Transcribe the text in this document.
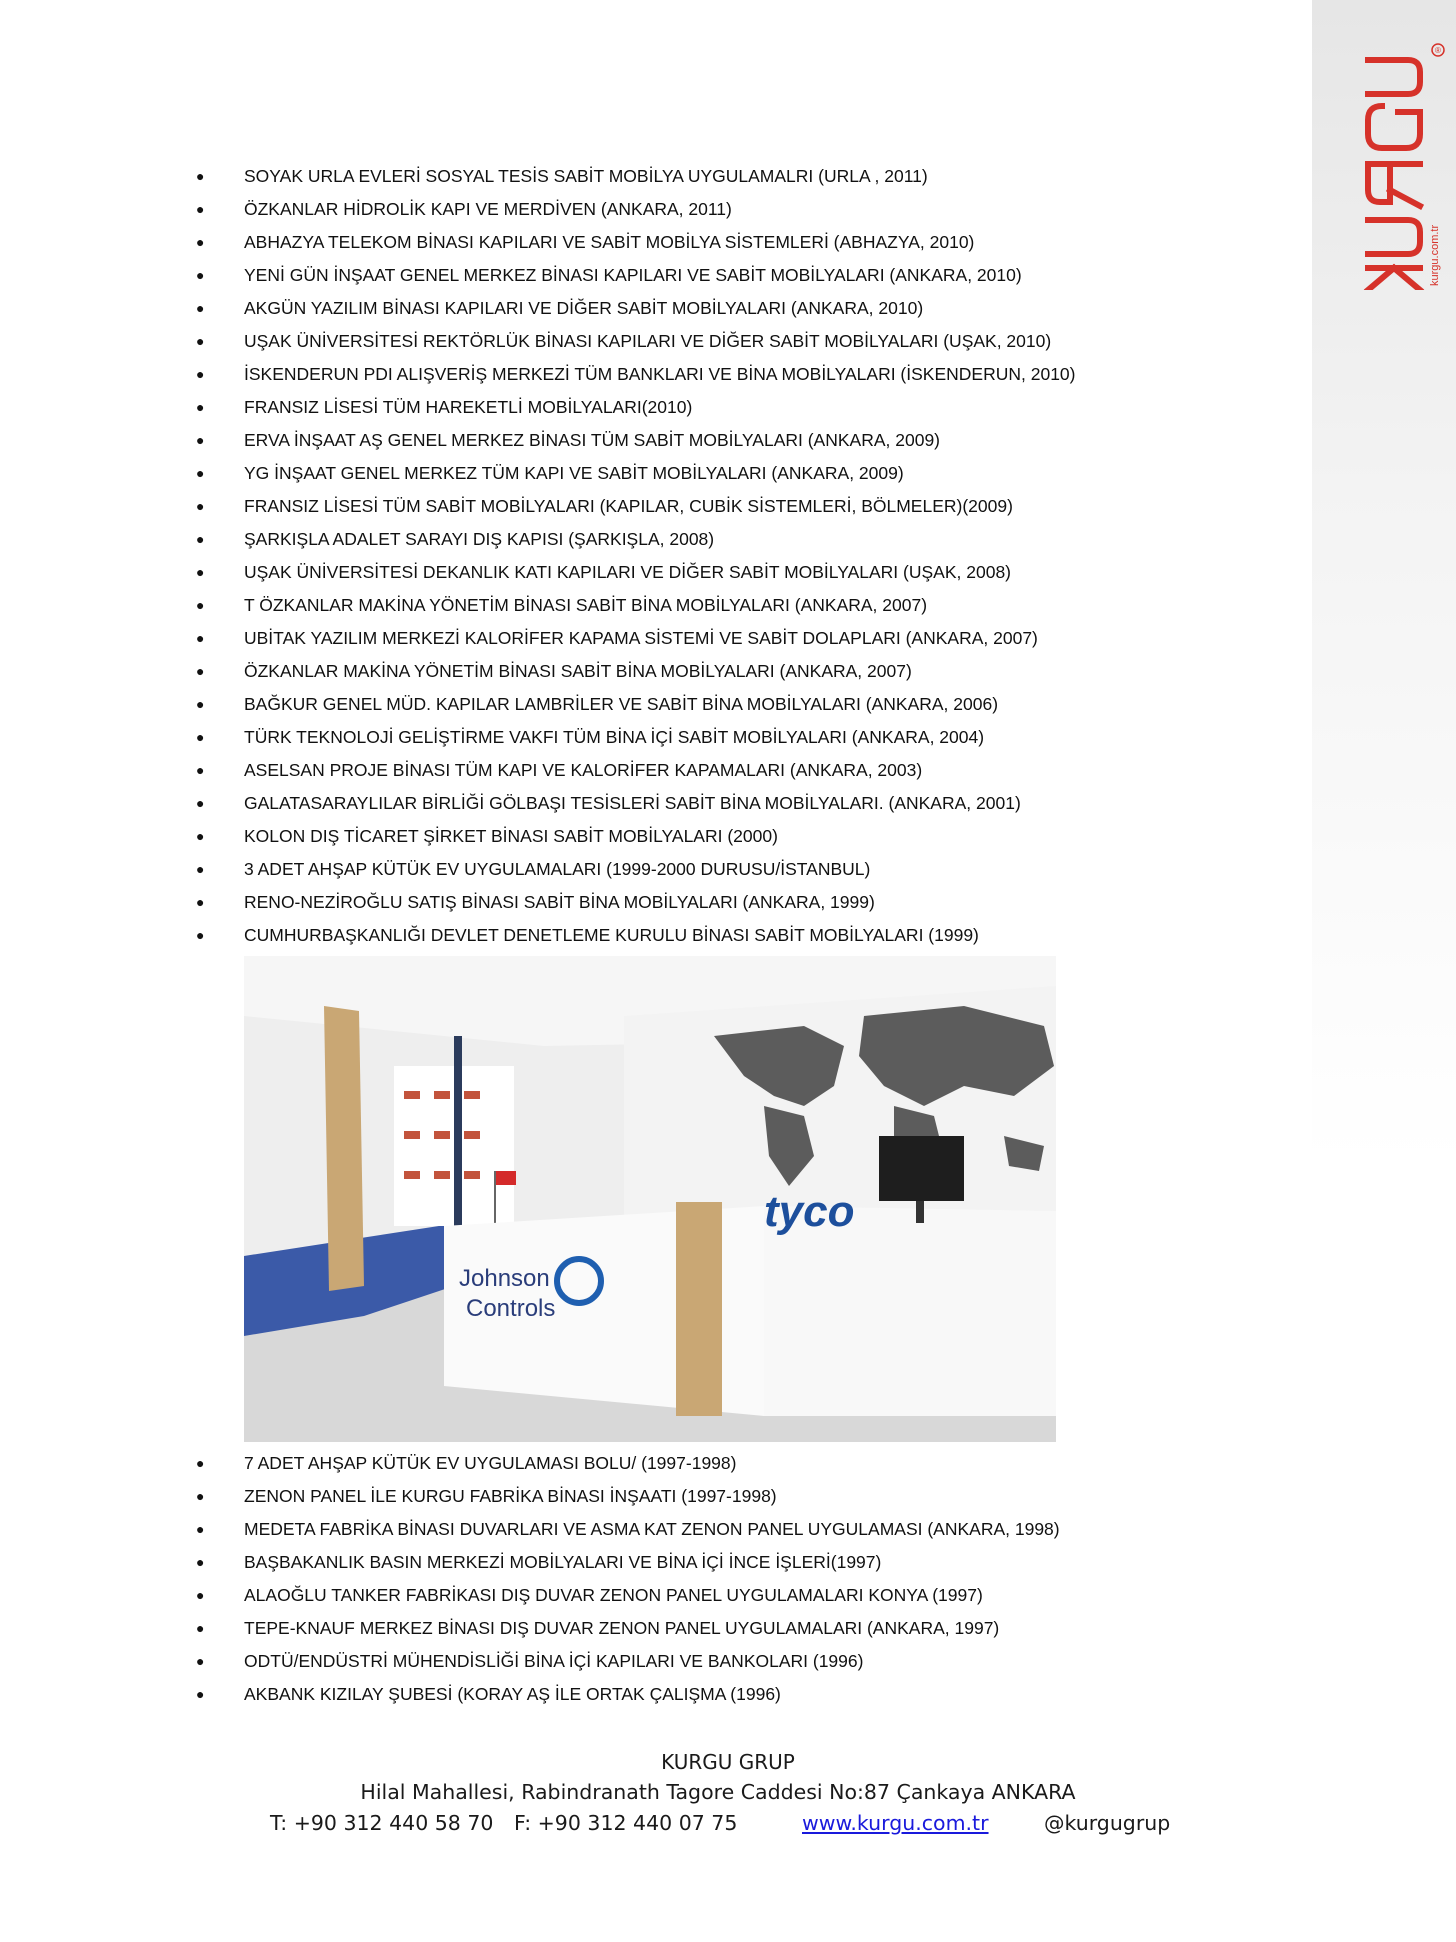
®
kurgu.com.tr
● SOYAK URLA EVLERİ SOSYAL TESİS SABİT MOBİLYA UYGULAMALRI (URLA , 2011)
● ÖZKANLAR HİDROLİK KAPI VE MERDİVEN (ANKARA, 2011)
● ABHAZYA TELEKOM BİNASI KAPILARI VE SABİT MOBİLYA SİSTEMLERİ (ABHAZYA, 2010)
● YENİ GÜN İNŞAAT GENEL MERKEZ BİNASI KAPILARI VE SABİT MOBİLYALARI (ANKARA, 2010)
● AKGÜN YAZILIM BİNASI KAPILARI VE DİĞER SABİT MOBİLYALARI (ANKARA, 2010)
● UŞAK ÜNİVERSİTESİ REKTÖRLÜK BİNASI KAPILARI VE DİĞER SABİT MOBİLYALARI (UŞAK, 2010)
● İSKENDERUN PDI ALIŞVERİŞ MERKEZİ TÜM BANKLARI VE BİNA MOBİLYALARI (İSKENDERUN, 2010)
● FRANSIZ LİSESİ TÜM HAREKETLİ MOBİLYALARI(2010)
● ERVA İNŞAAT AŞ GENEL MERKEZ BİNASI TÜM SABİT MOBİLYALARI (ANKARA, 2009)
● YG İNŞAAT GENEL MERKEZ TÜM KAPI VE SABİT MOBİLYALARI (ANKARA, 2009)
● FRANSIZ LİSESİ TÜM SABİT MOBİLYALARI (KAPILAR, CUBİK SİSTEMLERİ, BÖLMELER)(2009)
● ŞARKIŞLA ADALET SARAYI DIŞ KAPISI (ŞARKIŞLA, 2008)
● UŞAK ÜNİVERSİTESİ DEKANLIK KATI KAPILARI VE DİĞER SABİT MOBİLYALARI (UŞAK, 2008)
● T ÖZKANLAR MAKİNA YÖNETİM BİNASI SABİT BİNA MOBİLYALARI (ANKARA, 2007)
● UBİTAK YAZILIM MERKEZİ KALORİFER KAPAMA SİSTEMİ VE SABİT DOLAPLARI (ANKARA, 2007)
● ÖZKANLAR MAKİNA YÖNETİM BİNASI SABİT BİNA MOBİLYALARI (ANKARA, 2007)
● BAĞKUR GENEL MÜD. KAPILAR LAMBRİLER VE SABİT BİNA MOBİLYALARI (ANKARA, 2006)
● TÜRK TEKNOLOJİ GELİŞTİRME VAKFI TÜM BİNA İÇİ SABİT MOBİLYALARI (ANKARA, 2004)
● ASELSAN PROJE BİNASI TÜM KAPI VE KALORİFER KAPAMALARI (ANKARA, 2003)
● GALATASARAYLILAR BİRLİĞİ GÖLBAŞI TESİSLERİ SABİT BİNA MOBİLYALARI. (ANKARA, 2001)
● KOLON DIŞ TİCARET ŞİRKET BİNASI SABİT MOBİLYALARI (2000)
● 3 ADET AHŞAP KÜTÜK EV UYGULAMALARI (1999-2000 DURUSU/İSTANBUL)
● RENO-NEZİROĞLU SATIŞ BİNASI SABİT BİNA MOBİLYALARI (ANKARA, 1999)
● CUMHURBAŞKANLIĞI DEVLET DENETLEME KURULU BİNASI SABİT MOBİLYALARI (1999)
● 7 ADET AHŞAP KÜTÜK EV UYGULAMASI BOLU/ (1997-1998)
● ZENON PANEL İLE KURGU FABRİKA BİNASI İNŞAATI (1997-1998)
● MEDETA FABRİKA BİNASI DUVARLARI VE ASMA KAT ZENON PANEL UYGULAMASI (ANKARA, 1998)
● BAŞBAKANLIK BASIN MERKEZİ MOBİLYALARI VE BİNA İÇİ İNCE İŞLERİ(1997)
● ALAOĞLU TANKER FABRİKASI DIŞ DUVAR ZENON PANEL UYGULAMALARI KONYA (1997)
● TEPE-KNAUF MERKEZ BİNASI DIŞ DUVAR ZENON PANEL UYGULAMALARI (ANKARA, 1997)
● ODTÜ/ENDÜSTRİ MÜHENDİSLİĞİ BİNA İÇİ KAPILARI VE BANKOLARI (1996)
● AKBANK KIZILAY ŞUBESİ (KORAY AŞ İLE ORTAK ÇALIŞMA (1996)
Johnson
Controls
tyco
KURGU GRUP
Hilal Mahallesi, Rabindranath Tagore Caddesi No:87 Çankaya ANKARA
T: +90 312 440 58 70 F: +90 312 440 07 75	www.kurgu.com.tr	@kurgugrup
